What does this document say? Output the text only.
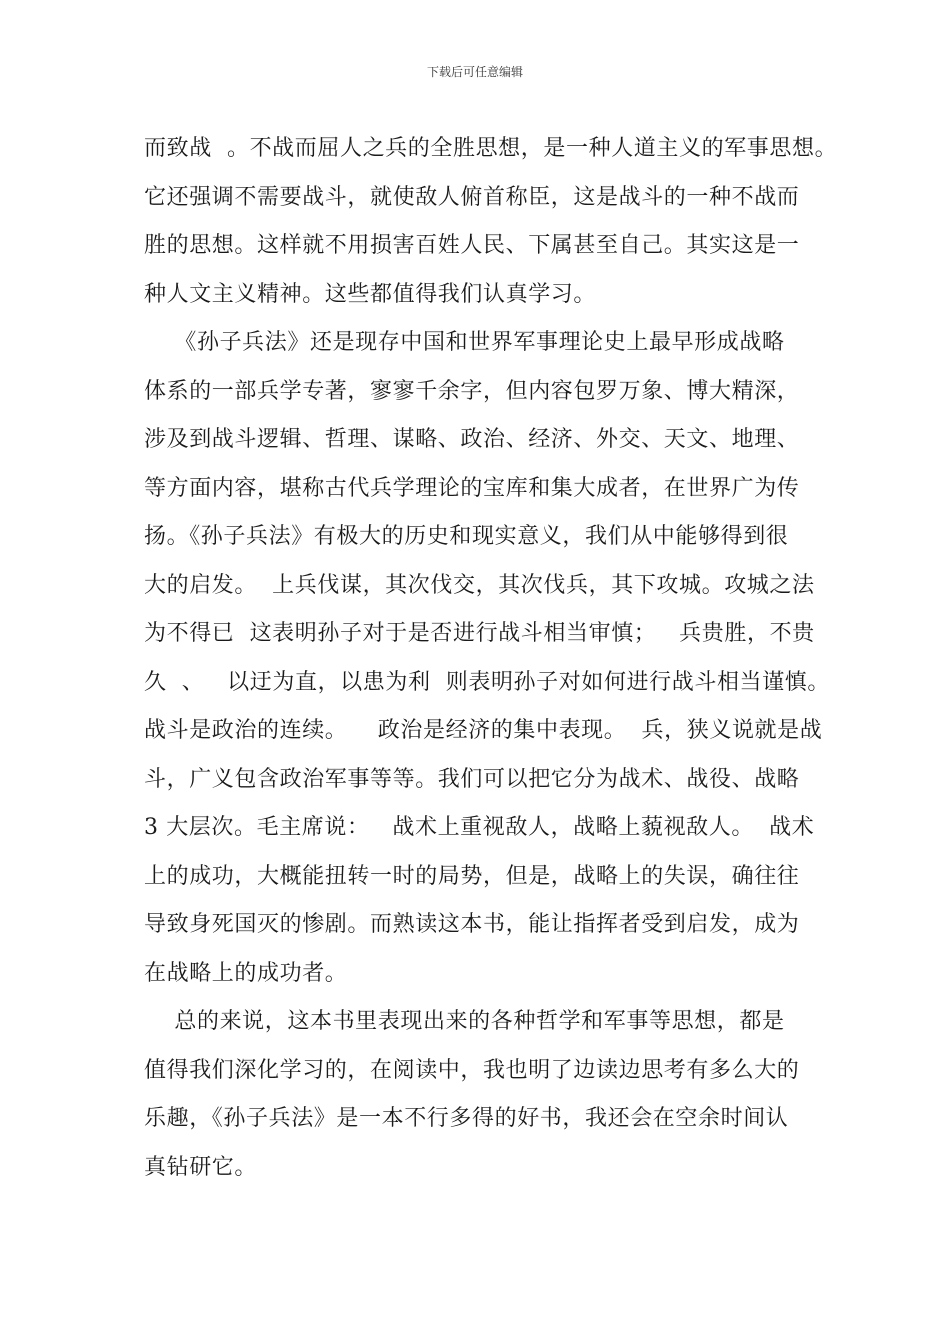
下载后可任意编辑
而致战  。不战而屈人之兵的全胜思想，是一种人道主义的军事思想。
它还强调不需要战斗，就使敌人俯首称臣，这是战斗的一种不战而
胜的思想。这样就不用损害百姓人民、下属甚至自己。其实这是一
种人文主义精神。这些都值得我们认真学习。
《孙子兵法》还是现存中国和世界军事理论史上最早形成战略
体系的一部兵学专著，寥寥千余字，但内容包罗万象、博大精深，
涉及到战斗逻辑、哲理、谋略、政治、经济、外交、天文、地理、
等方面内容，堪称古代兵学理论的宝库和集大成者，在世界广为传
扬。《孙子兵法》有极大的历史和现实意义，我们从中能够得到很
大的启发。  上兵伐谋，其次伐交，其次伐兵，其下攻城。攻城之法
为不得已  这表明孙子对于是否进行战斗相当审慎；   兵贵胜，不贵
久  、   以迂为直，以患为利  则表明孙子对如何进行战斗相当谨慎。
战斗是政治的连续。    政治是经济的集中表现。  兵，狭义说就是战
斗，广义包含政治军事等等。我们可以把它分为战术、战役、战略
3 大层次。毛主席说：   战术上重视敌人，战略上藐视敌人。  战术
上的成功，大概能扭转一时的局势，但是，战略上的失误，确往往
导致身死国灭的惨剧。而熟读这本书，能让指挥者受到启发，成为
在战略上的成功者。
总的来说，这本书里表现出来的各种哲学和军事等思想，都是
值得我们深化学习的，在阅读中，我也明了边读边思考有多么大的
乐趣，《孙子兵法》是一本不行多得的好书，我还会在空余时间认
真钻研它。
